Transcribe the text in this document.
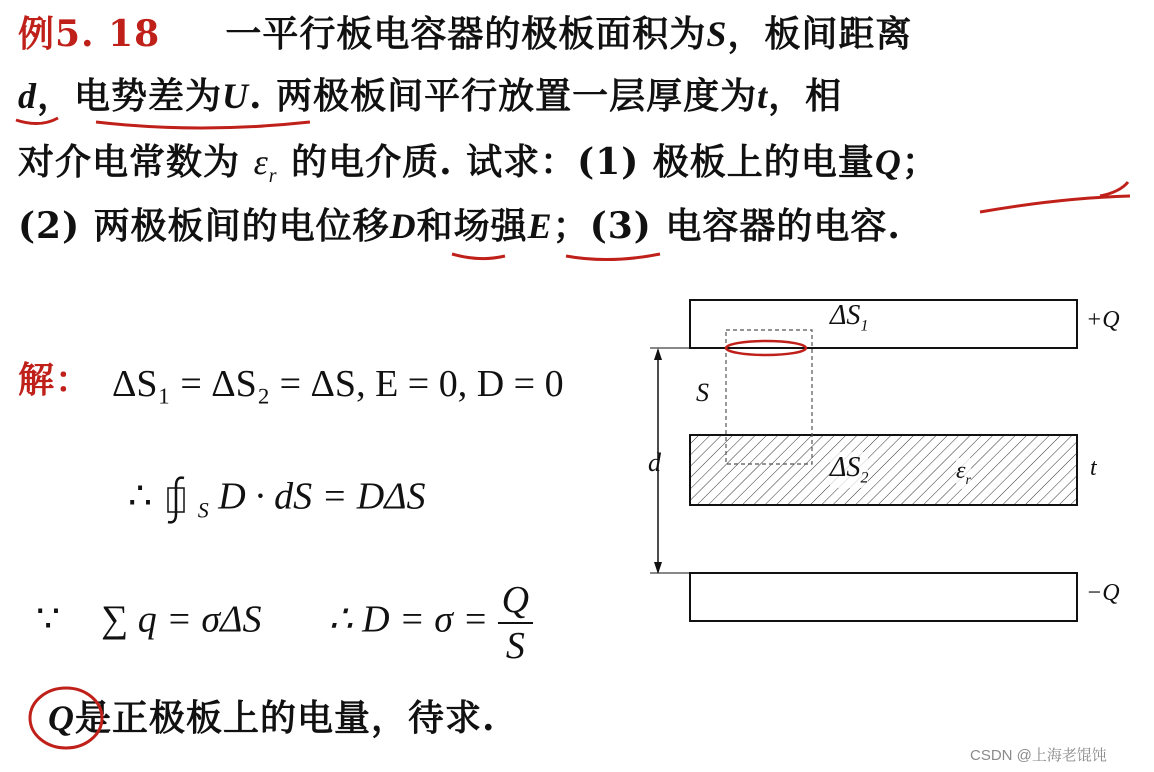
例5. 18 一平行板电容器的极板面积为S，板间距离
d，电势差为U. 两极板间平行放置一层厚度为t，相
对介电常数为 $\varepsilon_r$ 的电介质. 试求：(1) 极板上的电量Q；
(2) 两极板间的电位移D和场强E；(3) 电容器的电容.
解： ΔS₁ = ΔS₂ = ΔS, E = 0, D = 0
∴ $_S$ D · dS = DΔS
∵ ∑ q = σΔS ∴ $D = \sigma = \frac{Q}{S}$
Q是正极板上的电量，待求.
$\Delta S_1$	+Q
S
d	$\Delta S_2$	$\varepsilon_r$	t
−Q
CSDN @上海老馄饨
